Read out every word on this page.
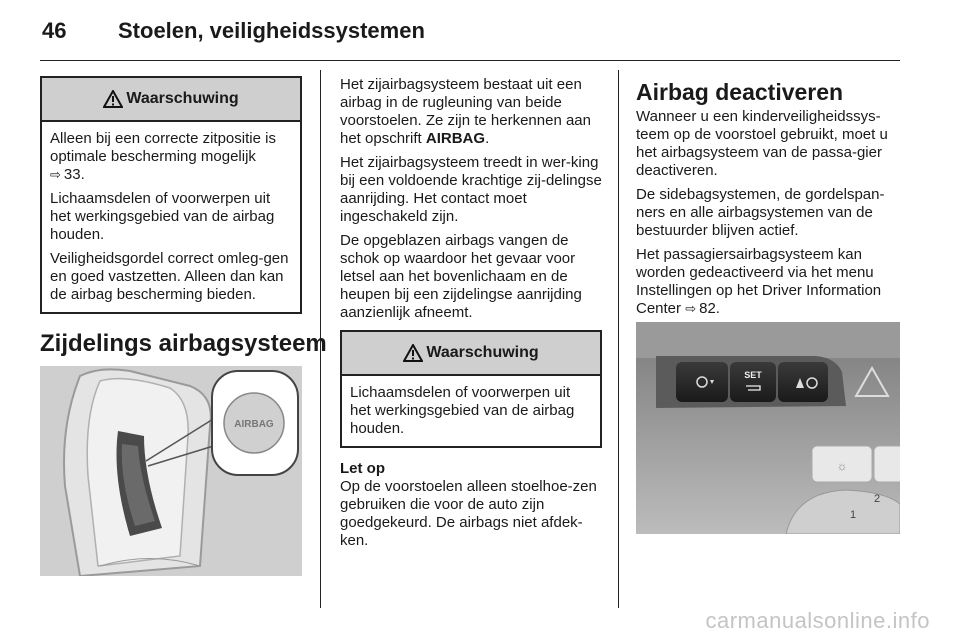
46 Stoelen, veiligheidssystemen
Waarschuwing

Alleen bij een correcte zitpositie is optimale bescherming mogelijk
⇨ 33.

Lichaamsdelen of voorwerpen uit het werkingsgebied van de airbag houden.

Veiligheidsgordel correct omleg-gen en goed vastzetten. Alleen dan kan de airbag bescherming bieden.

Zijdelings airbagsysteem
AIRBAG

Het zijairbagsysteem bestaat uit een airbag in de rugleuning van beide voorstoelen. Ze zijn te herkennen aan het opschrift AIRBAG.

Het zijairbagsysteem treedt in wer-king bij een voldoende krachtige zij-delingse aanrijding. Het contact moet ingeschakeld zijn.

De opgeblazen airbags vangen de schok op waardoor het gevaar voor letsel aan het bovenlichaam en de heupen bij een zijdelingse aanrijding aanzienlijk afneemt.

Waarschuwing

Lichaamsdelen of voorwerpen uit het werkingsgebied van de airbag houden.

Let op
Op de voorstoelen alleen stoelhoe-zen gebruiken die voor de auto zijn goedgekeurd. De airbags niet afdek-ken.
Airbag deactiveren

Wanneer u een kinderveiligheidssys-teem op de voorstoel gebruikt, moet u het airbagsysteem van de passa-gier deactiveren.

De sidebagsystemen, de gordelspan-ners en alle airbagsystemen van de bestuurder blijven actief.

Het passagiersairbagsysteem kan worden gedeactiveerd via het menu Instellingen op het Driver Information Center ⇨ 82.

SET
☼
1
2
carmanualsonline.info
